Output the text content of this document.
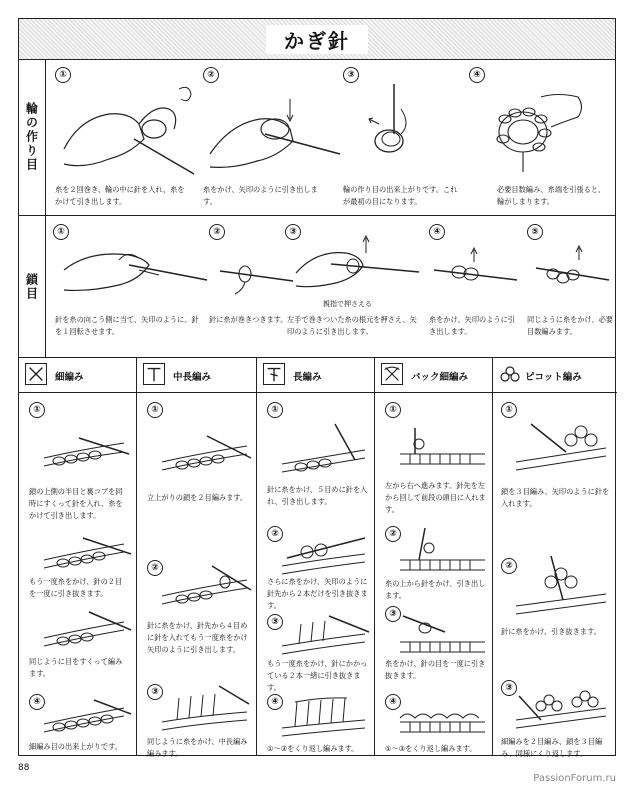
かぎ針
輪の作り目
①
糸を２回巻き、輪の中に針を入れ、糸をかけて引き出します。
②
糸をかけ、矢印のように引き出します。
③
輪の作り目の出来上がりです。これが最初の目になります。
④
必要目数編み、糸端を引張ると、輪がしまります。
鎖目
①
針を糸の向こう側に当て、矢印のように、針を１回転させます。
②
針に糸が巻きつきます。
③
親指で押さえる
左手で巻きついた糸の根元を押さえ、矢印のように引き出します。
④
糸をかけ、矢印のように引き出します。
⑤
同じように糸をかけ、必要目数編みます。
細編み
①
鎖の上側の半目と裏コブを同時にすくって針を入れ、糸をかけて引き出します。
もう一度糸をかけ、針の２目を一度に引き抜きます。
同じように目をすくって編みます。
④
細編み目の出来上がりです。
中長編み
①
立上がりの鎖を２目編みます。
②
針に糸をかけ、針先から４目めに針を入れてもう一度糸をかけ矢印のように引き出します。
③
同じように糸をかけ、中長編み編みます。
長編み
①
針に糸をかけ、５目めに針を入れ、引き出します。
②
さらに糸をかけ、矢印のように針先から２本だけを引き抜きます。
③
もう一度糸をかけ、針にかかっている２本一緒に引き抜きます。
④
①〜③をくり返し編みます。
バック細編み
①
左から右へ進みます。針先を左から回して前段の頭目に入れます。
②
糸の上から針をかけ、引き出します。
③
糸をかけ、針の目を一度に引き抜きます。
④
①〜③をくり返し編みます。
ピコット編み
①
鎖を３目編み、矢印のように針を入れます。
②
針に糸をかけ、引き抜きます。
③
細編みを２目編み、鎖を３目編み、同様にくり返します。
88
PassionForum.ru
